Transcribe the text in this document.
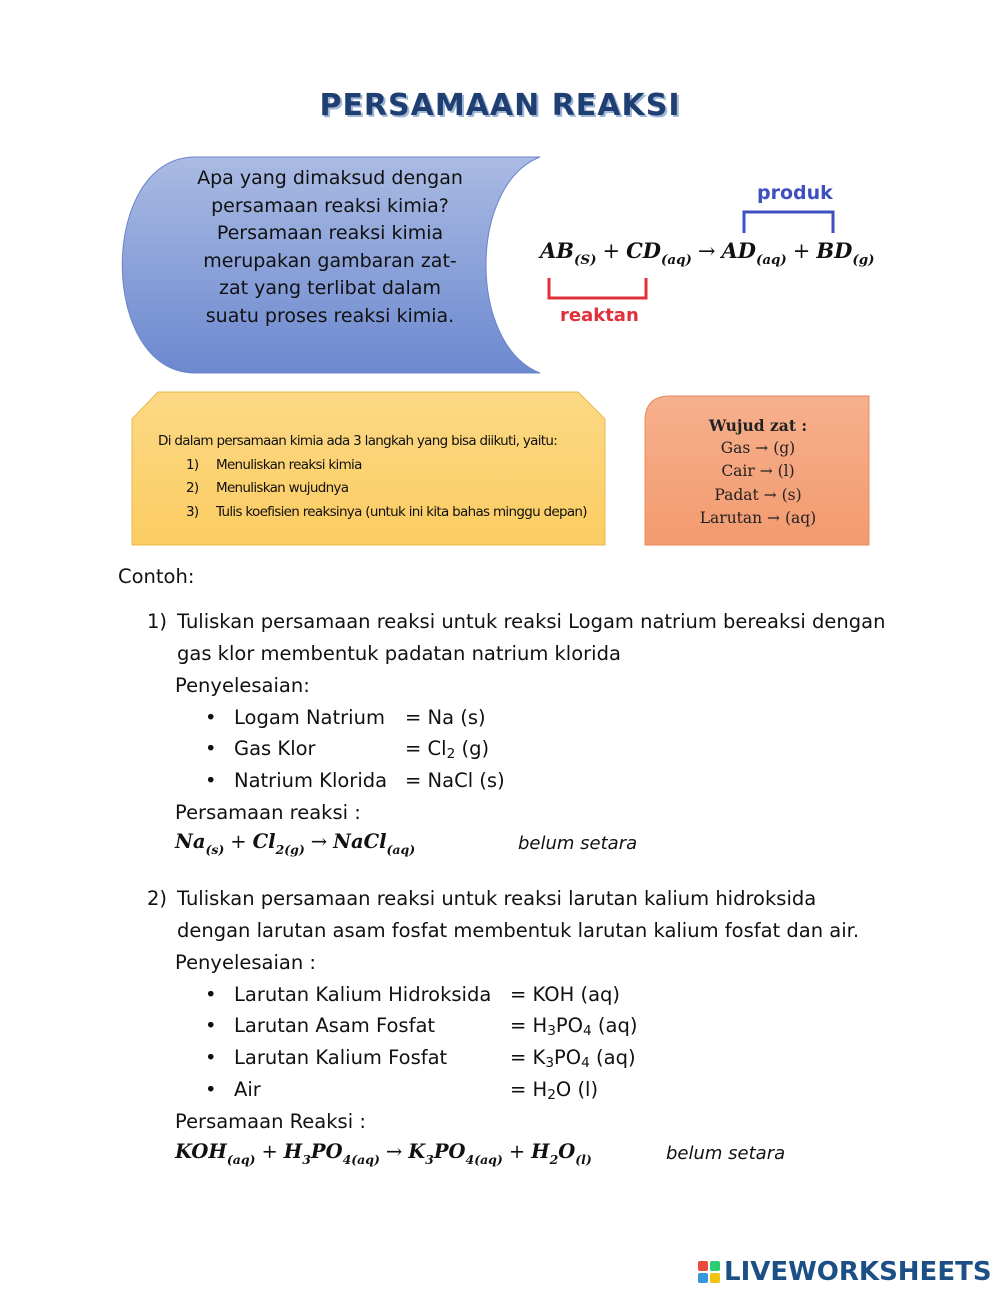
PERSAMAAN REAKSI
Apa yang dimaksud dengan persamaan reaksi kimia? Persamaan reaksi kimia merupakan gambaran zat-zat yang terlibat dalam suatu proses reaksi kimia.
produk
reaktan
$AB_{(S)} + CD_{(aq)} \to AD_{(aq)} + BD_{(g)}$
Di dalam persamaan kimia ada 3 langkah yang bisa diikuti, yaitu:
1)	Menuliskan reaksi kimia
2)	Menuliskan wujudnya
3)	Tulis koefisien reaksinya (untuk ini kita bahas minggu depan)
Wujud zat :
Gas → (g)
Cair → (l)
Padat → (s)
Larutan → (aq)
Contoh:
1) Tuliskan persamaan reaksi untuk reaksi Logam natrium bereaksi dengan
gas klor membentuk padatan natrium klorida
Penyelesaian:
• Logam Natrium = Na (s)
• Gas Klor	= Cl2 (g)
• Natrium Klorida = NaCl (s)
Persamaan reaksi :
$Na_{(s)} + Cl_{2(g)}$ → NaCl$_{(aq)}$	belum setara
2) Tuliskan persamaan reaksi untuk reaksi larutan kalium hidroksida
dengan larutan asam fosfat membentuk larutan kalium fosfat dan air.
Penyelesaian :
• Larutan Kalium Hidroksida = KOH (aq)
• Larutan Asam Fosfat	= H3PO4 (aq)
• Larutan Kalium Fosfat	= K3PO4 (aq)
• Air	= H2O (l)
Persamaan Reaksi :
$KOH_{(aq)} + H_3PO_{4(aq)} \to K_3PO_{4(aq)} + H_2O_{(l)}$	belum setara
LIVEWORKSHEETS
